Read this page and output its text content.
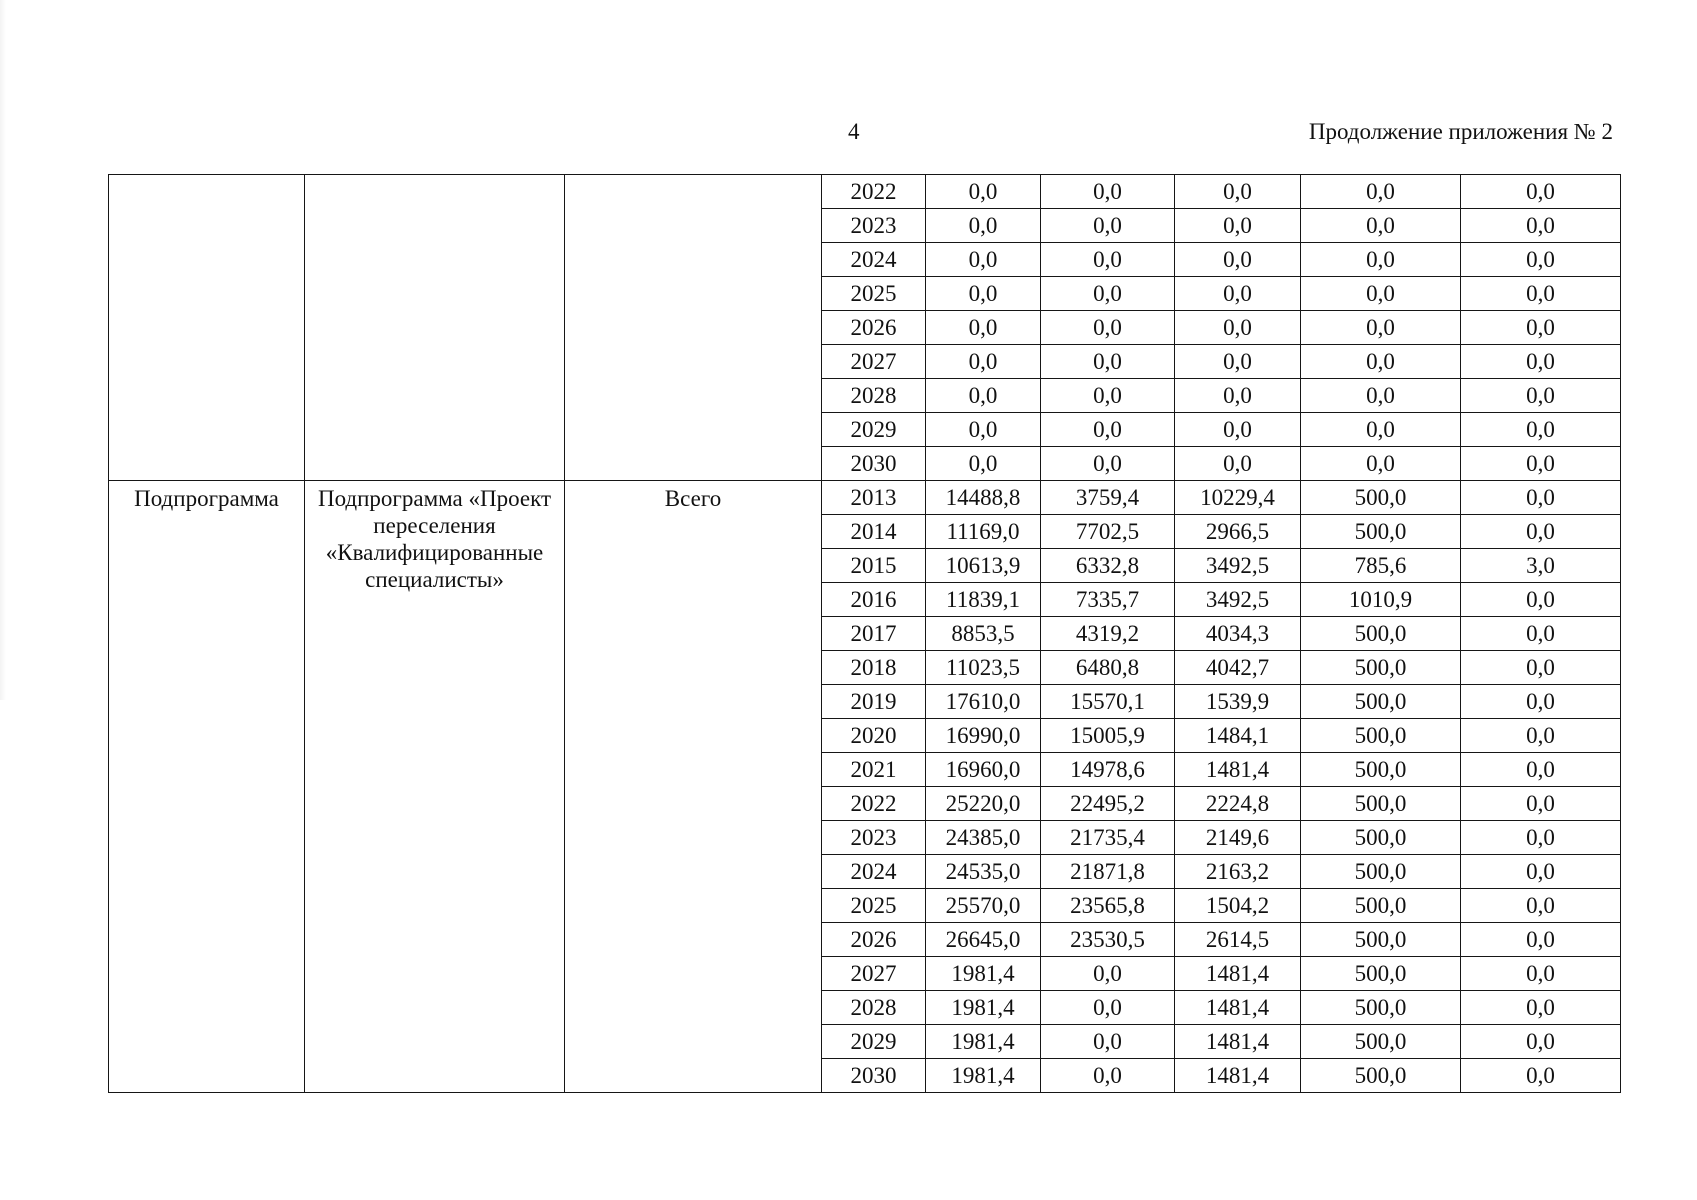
4	Продолжение приложения № 2
			2022	0,0	0,0	0,0	0,0	0,0
			2023	0,0	0,0	0,0	0,0	0,0
			2024	0,0	0,0	0,0	0,0	0,0
			2025	0,0	0,0	0,0	0,0	0,0
			2026	0,0	0,0	0,0	0,0	0,0
			2027	0,0	0,0	0,0	0,0	0,0
			2028	0,0	0,0	0,0	0,0	0,0
			2029	0,0	0,0	0,0	0,0	0,0
			2030	0,0	0,0	0,0	0,0	0,0
Подпрограмма	Подпрограмма «Проект переселения «Квалифицированные специалисты»	Всего	2013	14488,8	3759,4	10229,4	500,0	0,0
			2014	11169,0	7702,5	2966,5	500,0	0,0
			2015	10613,9	6332,8	3492,5	785,6	3,0
			2016	11839,1	7335,7	3492,5	1010,9	0,0
			2017	8853,5	4319,2	4034,3	500,0	0,0
			2018	11023,5	6480,8	4042,7	500,0	0,0
			2019	17610,0	15570,1	1539,9	500,0	0,0
			2020	16990,0	15005,9	1484,1	500,0	0,0
			2021	16960,0	14978,6	1481,4	500,0	0,0
			2022	25220,0	22495,2	2224,8	500,0	0,0
			2023	24385,0	21735,4	2149,6	500,0	0,0
			2024	24535,0	21871,8	2163,2	500,0	0,0
			2025	25570,0	23565,8	1504,2	500,0	0,0
			2026	26645,0	23530,5	2614,5	500,0	0,0
			2027	1981,4	0,0	1481,4	500,0	0,0
			2028	1981,4	0,0	1481,4	500,0	0,0
			2029	1981,4	0,0	1481,4	500,0	0,0
			2030	1981,4	0,0	1481,4	500,0	0,0
